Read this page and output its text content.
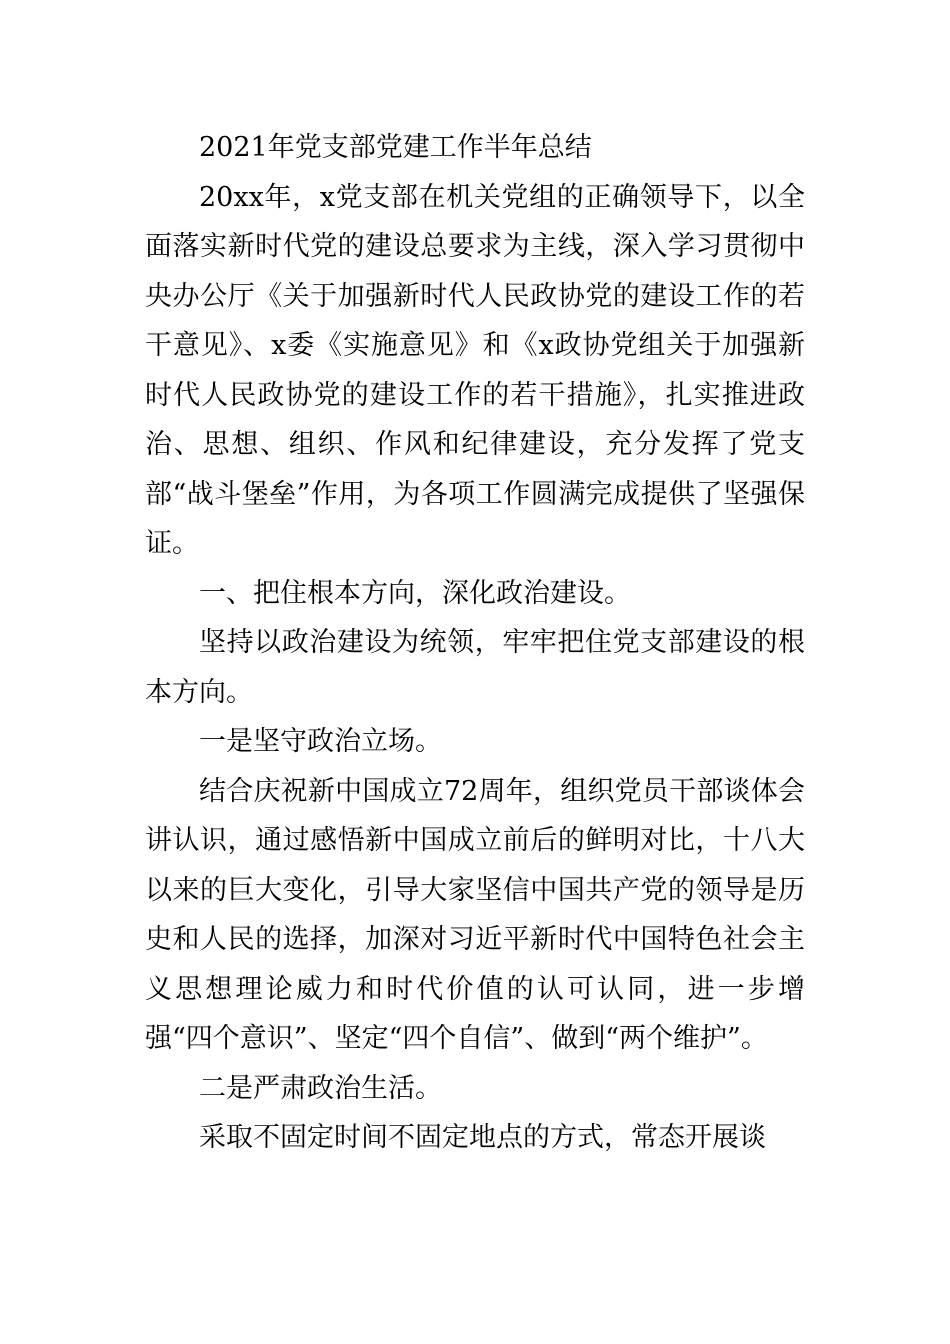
2021年党支部党建工作半年总结

20xx年，x党支部在机关党组的正确领导下，以全面落实新时代党的建设总要求为主线，深入学习贯彻中央办公厅《关于加强新时代人民政协党的建设工作的若干意见》、x委《实施意见》和《x政协党组关于加强新时代人民政协党的建设工作的若干措施》，扎实推进政治、思想、组织、作风和纪律建设，充分发挥了党支部“战斗堡垒”作用，为各项工作圆满完成提供了坚强保证。

一、把住根本方向，深化政治建设。

坚持以政治建设为统领，牢牢把住党支部建设的根本方向。

一是坚守政治立场。

结合庆祝新中国成立72周年，组织党员干部谈体会讲认识，通过感悟新中国成立前后的鲜明对比，十八大以来的巨大变化，引导大家坚信中国共产党的领导是历史和人民的选择，加深对习近平新时代中国特色社会主义思想理论威力和时代价值的认可认同，进一步增强“四个意识”、坚定“四个自信”、做到“两个维护”。

二是严肃政治生活。

采取不固定时间不固定地点的方式，常态开展谈
